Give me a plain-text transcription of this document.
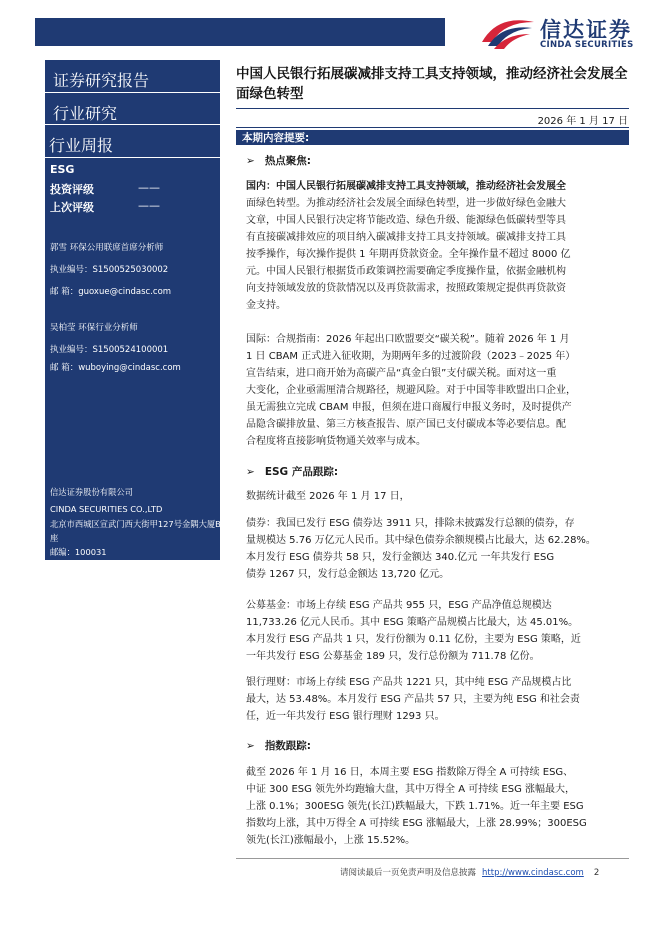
信达证券
CINDA SECURITIES
证券研究报告
行业研究
行业周报
ESG
投资评级	——
上次评级	——
郭雪 环保公用联席首席分析师
执业编号：S1500525030002
邮 箱：guoxue@cindasc.com
吴柏莹 环保行业分析师
执业编号：S1500524100001
邮 箱：wuboying@cindasc.com
信达证券股份有限公司
CINDA SECURITIES CO.,LTD
北京市西城区宣武门西大街甲127号金隅大厦B
座
邮编：100031
中国人民银行拓展碳减排支持工具支持领域，推动经济社会发展全
面绿色转型
2026 年 1 月 17 日
本期内容提要:
➢ 热点聚焦:
国内：中国人民银行拓展碳减排支持工具支持领域，推动经济社会发展全
面绿色转型。为推动经济社会发展全面绿色转型，进一步做好绿色金融大
文章，中国人民银行决定将节能改造、绿色升级、能源绿色低碳转型等具
有直接碳减排效应的项目纳入碳减排支持工具支持领域。碳减排支持工具
按季操作，每次操作提供 1 年期再贷款资金。全年操作量不超过 8000 亿
元。中国人民银行根据货币政策调控需要确定季度操作量，依据金融机构
向支持领域发放的贷款情况以及再贷款需求，按照政策规定提供再贷款资
金支持。
国际：合规指南：2026 年起出口欧盟要交“碳关税”。随着 2026 年 1 月
1 日 CBAM 正式进入征收期，为期两年多的过渡阶段（2023﹣2025 年）
宣告结束，进口商开始为高碳产品“真金白银”支付碳关税。面对这一重
大变化，企业亟需厘清合规路径，规避风险。对于中国等非欧盟出口企业，
虽无需独立完成 CBAM 申报，但须在进口商履行申报义务时，及时提供产
品隐含碳排放量、第三方核查报告、原产国已支付碳成本等必要信息。配
合程度将直接影响货物通关效率与成本。
➢ ESG 产品跟踪:
数据统计截至 2026 年 1 月 17 日，
债券：我国已发行 ESG 债券达 3911 只，排除未披露发行总额的债券，存
量规模达 5.76 万亿元人民币。其中绿色债券余额规模占比最大，达 62.28%。
本月发行 ESG 债券共 58 只，发行金额达 340.亿元 一年共发行 ESG
债券 1267 只，发行总金额达 13,720 亿元。
公募基金：市场上存续 ESG 产品共 955 只，ESG 产品净值总规模达
11,733.26 亿元人民币。其中 ESG 策略产品规模占比最大，达 45.01%。
本月发行 ESG 产品共 1 只，发行份额为 0.11 亿份，主要为 ESG 策略，近
一年共发行 ESG 公募基金 189 只，发行总份额为 711.78 亿份。
银行理财：市场上存续 ESG 产品共 1221 只，其中纯 ESG 产品规模占比
最大，达 53.48%。本月发行 ESG 产品共 57 只，主要为纯 ESG 和社会责
任，近一年共发行 ESG 银行理财 1293 只。
➢ 指数跟踪:
截至 2026 年 1 月 16 日，本周主要 ESG 指数除万得全 A 可持续 ESG、
中证 300 ESG 领先外均跑输大盘，其中万得全 A 可持续 ESG 涨幅最大，
上涨 0.1%；300ESG 领先(长江)跌幅最大，下跌 1.71%。近一年主要 ESG
指数均上涨，其中万得全 A 可持续 ESG 涨幅最大，上涨 28.99%；300ESG
领先(长江)涨幅最小，上涨 15.52%。
请阅读最后一页免责声明及信息披露 http://www.cindasc.com 2
